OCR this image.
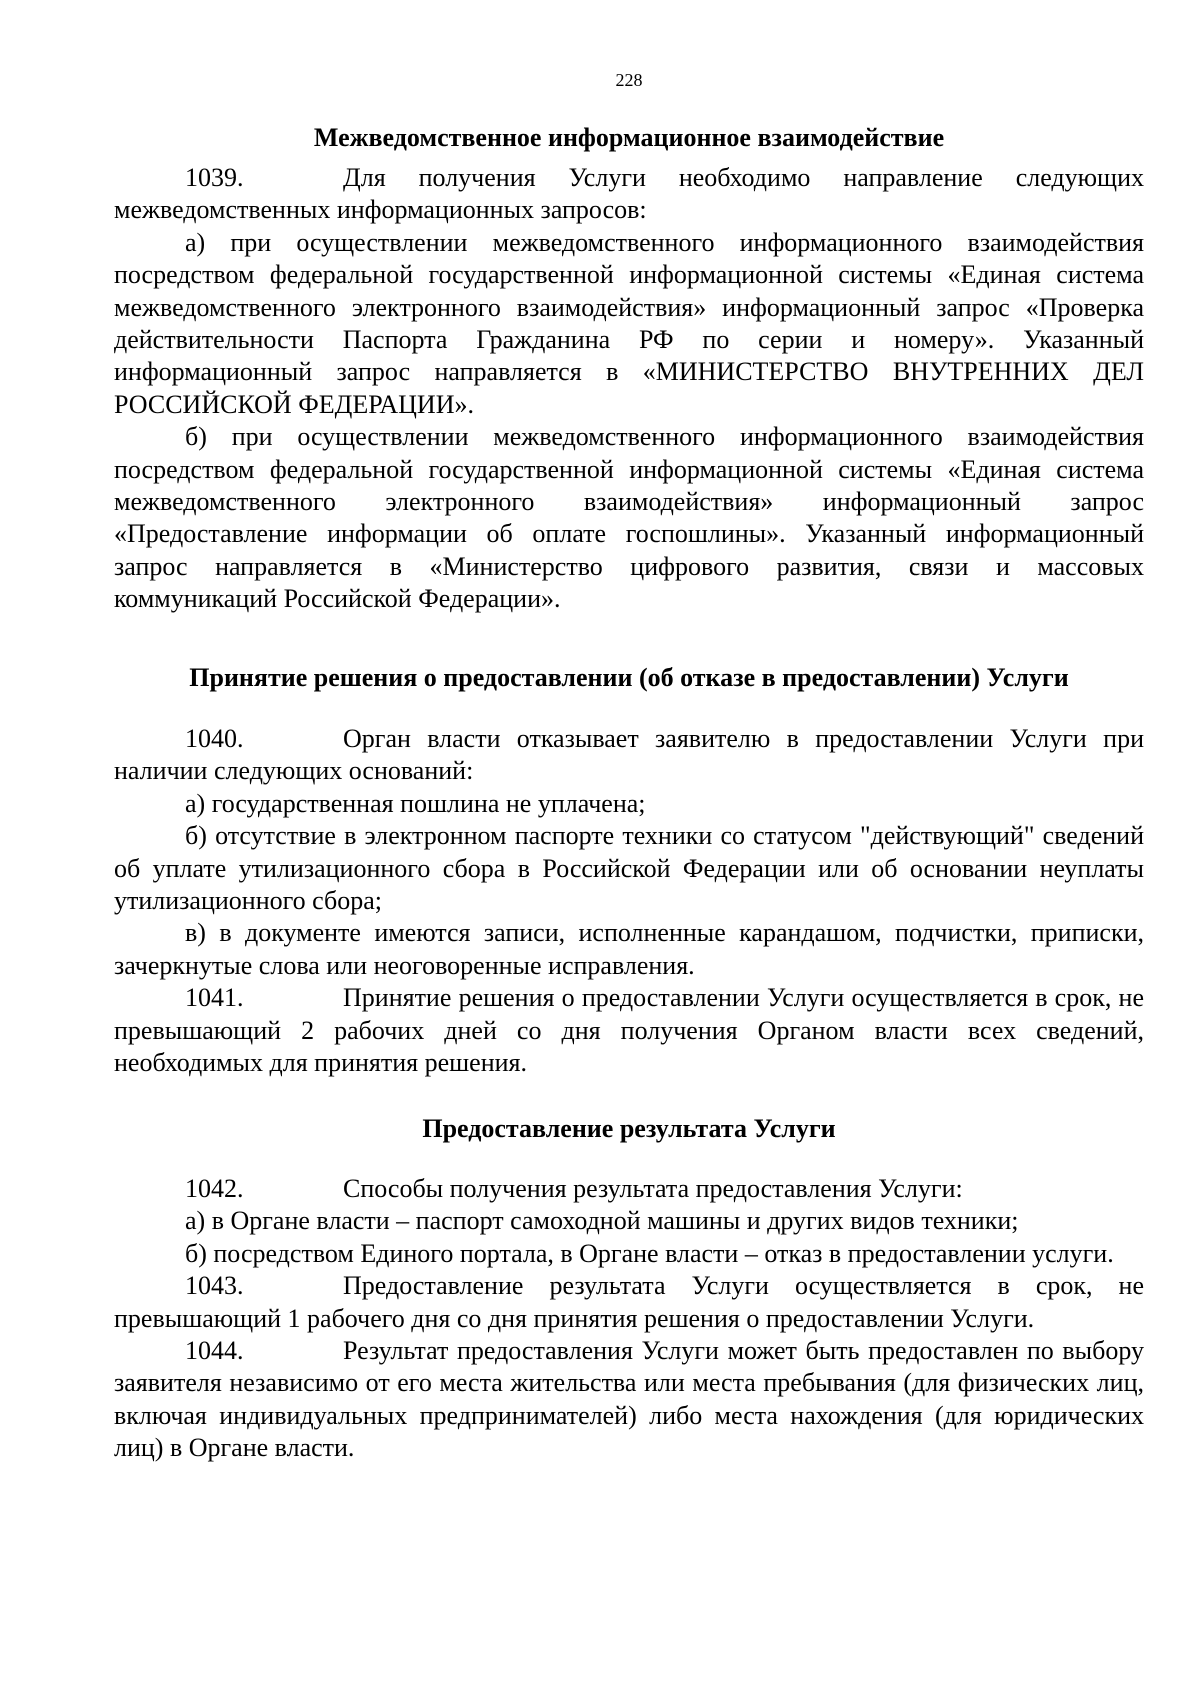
228
Межведомственное информационное взаимодействие

1039.	Для получения Услуги необходимо направление следующих межведомственных информационных запросов:

а) при осуществлении межведомственного информационного взаимодействия посредством федеральной государственной информационной системы «Единая система межведомственного электронного взаимодействия» информационный запрос «Проверка действительности Паспорта Гражданина РФ по серии и номеру». Указанный информационный запрос направляется в «МИНИСТЕРСТВО ВНУТРЕННИХ ДЕЛ РОССИЙСКОЙ ФЕДЕРАЦИИ».

б) при осуществлении межведомственного информационного взаимодействия посредством федеральной государственной информационной системы «Единая система межведомственного электронного взаимодействия» информационный запрос «Предоставление информации об оплате госпошлины». Указанный информационный запрос направляется в «Министерство цифрового развития, связи и массовых коммуникаций Российской Федерации».

Принятие решения о предоставлении (об отказе в предоставлении) Услуги

1040.	Орган власти отказывает заявителю в предоставлении Услуги при наличии следующих оснований:

а) государственная пошлина не уплачена;

б) отсутствие в электронном паспорте техники со статусом "действующий" сведений об уплате утилизационного сбора в Российской Федерации или об основании неуплаты утилизационного сбора;

в) в документе имеются записи, исполненные карандашом, подчистки, приписки, зачеркнутые слова или неоговоренные исправления.

1041.	Принятие решения о предоставлении Услуги осуществляется в срок, не превышающий 2 рабочих дней со дня получения Органом власти всех сведений, необходимых для принятия решения.

Предоставление результата Услуги

1042.	Способы получения результата предоставления Услуги:

а) в Органе власти – паспорт самоходной машины и других видов техники;

б) посредством Единого портала, в Органе власти – отказ в предоставлении услуги.

1043.	Предоставление результата Услуги осуществляется в срок, не превышающий 1 рабочего дня со дня принятия решения о предоставлении Услуги.

1044.	Результат предоставления Услуги может быть предоставлен по выбору заявителя независимо от его места жительства или места пребывания (для физических лиц, включая индивидуальных предпринимателей) либо места нахождения (для юридических лиц) в Органе власти.
